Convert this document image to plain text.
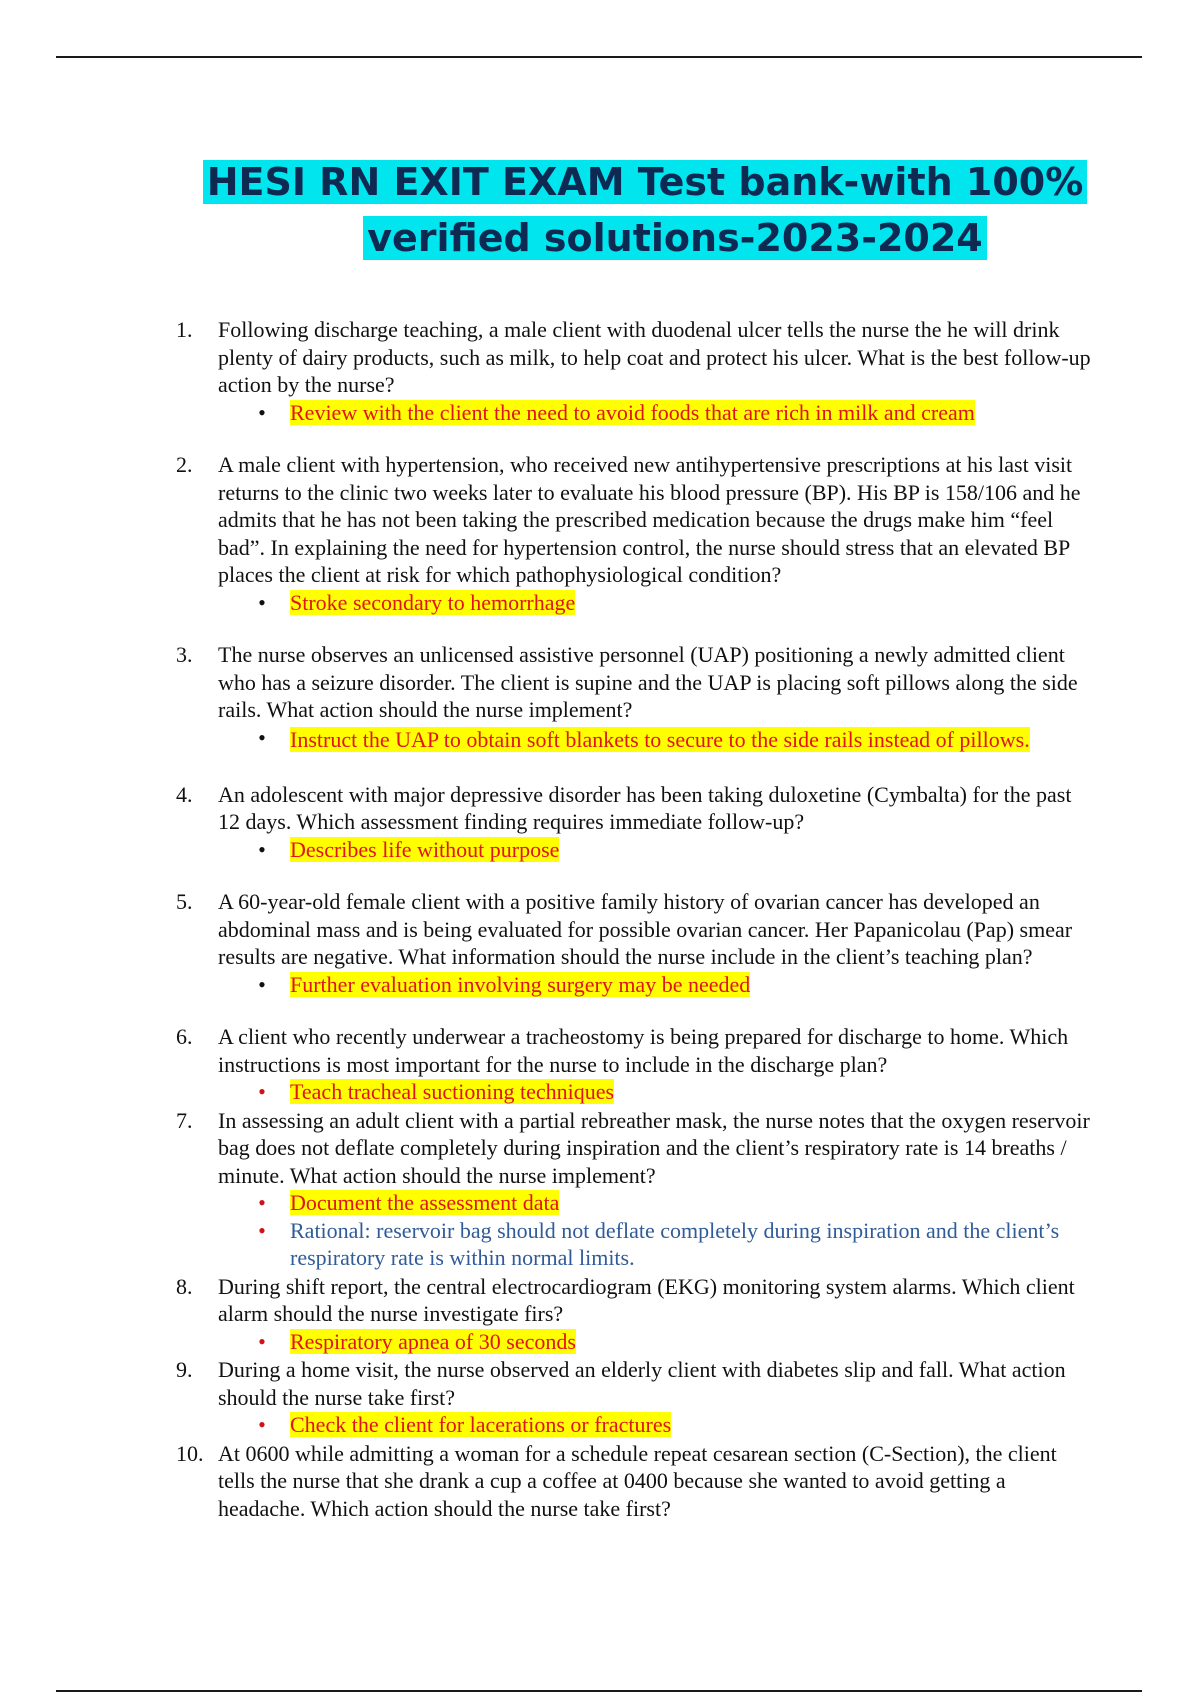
HESI RN EXIT EXAM Test bank-with 100%
verified solutions-2023-2024
1.	Following discharge teaching, a male client with duodenal ulcer tells the nurse the he will drink plenty of dairy products, such as milk, to help coat and protect his ulcer. What is the best follow-up action by the nurse?
• Review with the client the need to avoid foods that are rich in milk and cream
2.	A male client with hypertension, who received new antihypertensive prescriptions at his last visit returns to the clinic two weeks later to evaluate his blood pressure (BP). His BP is 158/106 and he admits that he has not been taking the prescribed medication because the drugs make him “feel bad”. In explaining the need for hypertension control, the nurse should stress that an elevated BP places the client at risk for which pathophysiological condition?
• Stroke secondary to hemorrhage
3.	The nurse observes an unlicensed assistive personnel (UAP) positioning a newly admitted client who has a seizure disorder. The client is supine and the UAP is placing soft pillows along the side rails. What action should the nurse implement?
• Instruct the UAP to obtain soft blankets to secure to the side rails instead of pillows.
4.	An adolescent with major depressive disorder has been taking duloxetine (Cymbalta) for the past 12 days. Which assessment finding requires immediate follow-up?
• Describes life without purpose
5.	A 60-year-old female client with a positive family history of ovarian cancer has developed an abdominal mass and is being evaluated for possible ovarian cancer. Her Papanicolau (Pap) smear results are negative. What information should the nurse include in the client’s teaching plan?
• Further evaluation involving surgery may be needed
6.	A client who recently underwear a tracheostomy is being prepared for discharge to home. Which instructions is most important for the nurse to include in the discharge plan?
• Teach tracheal suctioning techniques
7.	In assessing an adult client with a partial rebreather mask, the nurse notes that the oxygen reservoir bag does not deflate completely during inspiration and the client’s respiratory rate is 14 breaths / minute. What action should the nurse implement?
• Document the assessment data
• Rational: reservoir bag should not deflate completely during inspiration and the client’s respiratory rate is within normal limits.
8.	During shift report, the central electrocardiogram (EKG) monitoring system alarms. Which client alarm should the nurse investigate firs?
• Respiratory apnea of 30 seconds
9.	During a home visit, the nurse observed an elderly client with diabetes slip and fall. What action should the nurse take first?
• Check the client for lacerations or fractures
10. At 0600 while admitting a woman for a schedule repeat cesarean section (C-Section), the client tells the nurse that she drank a cup a coffee at 0400 because she wanted to avoid getting a headache. Which action should the nurse take first?
